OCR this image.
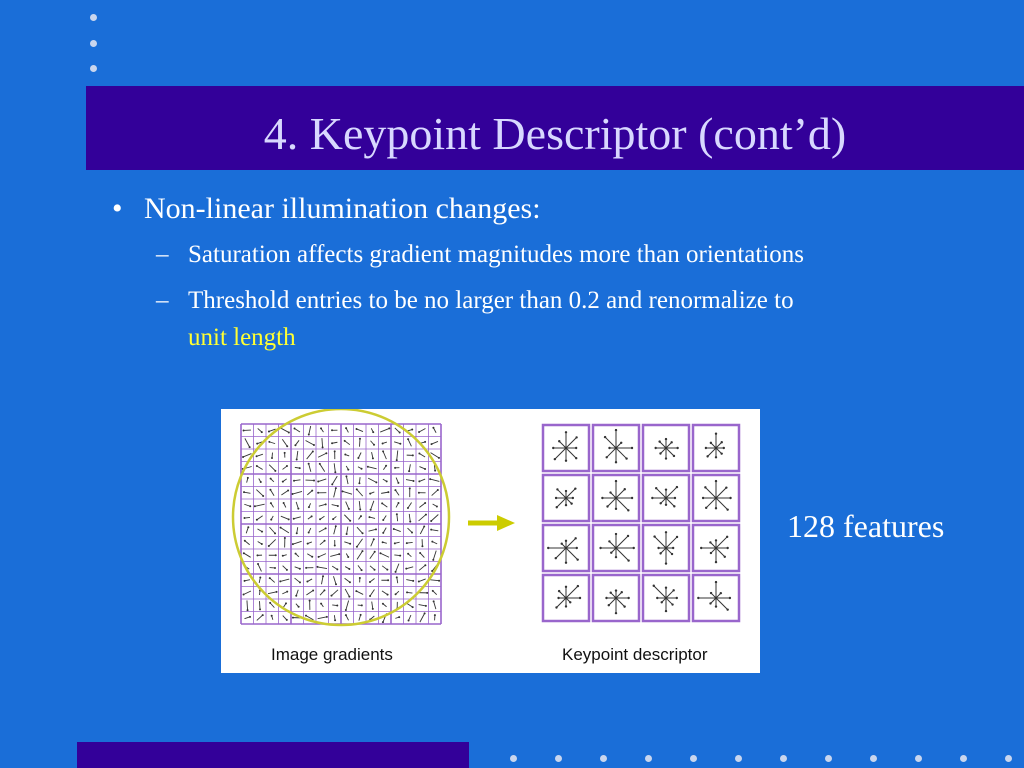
4. Keypoint Descriptor (cont’d)
• Non-linear illumination changes:
– Saturation affects gradient magnitudes more than orientations
– Threshold entries to be no larger than 0.2 and renormalize to
unit length
Image gradients	Keypoint descriptor
128 features
